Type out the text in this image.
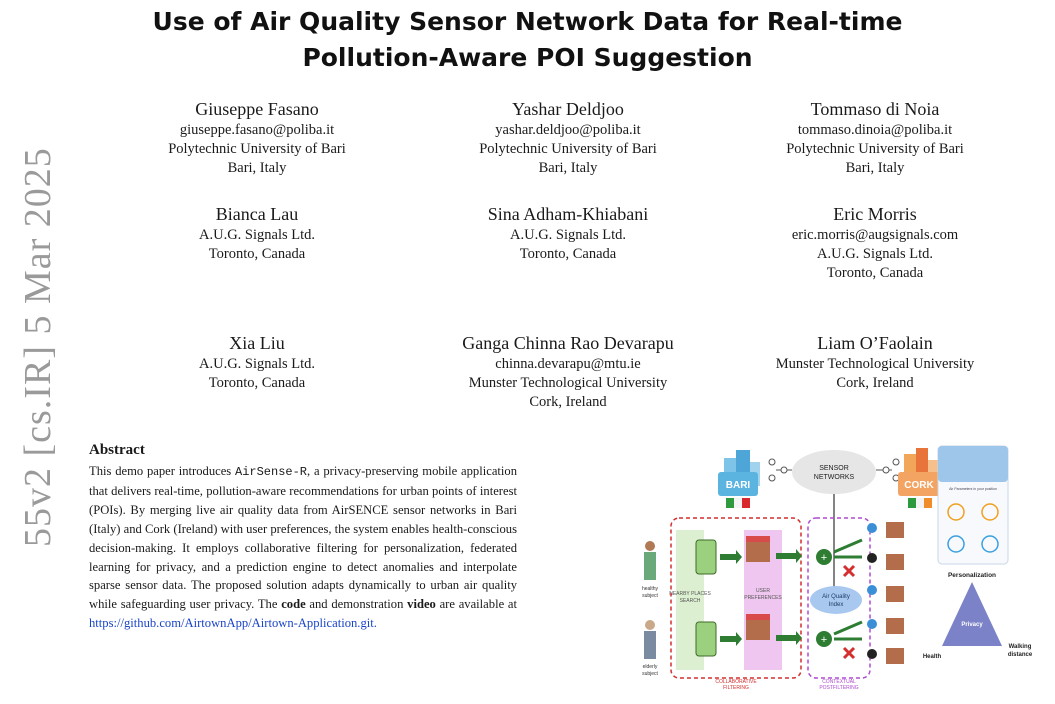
55v2 [cs.IR] 5 Mar 2025
Use of Air Quality Sensor Network Data for Real-time
Pollution-Aware POI Suggestion
Giuseppe Fasano
giuseppe.fasano@poliba.it
Polytechnic University of Bari
Bari, Italy
Yashar Deldjoo
yashar.deldjoo@poliba.it
Polytechnic University of Bari
Bari, Italy
Tommaso di Noia
tommaso.dinoia@poliba.it
Polytechnic University of Bari
Bari, Italy
Bianca Lau
A.U.G. Signals Ltd.
Toronto, Canada
Sina Adham-Khiabani
A.U.G. Signals Ltd.
Toronto, Canada
Eric Morris
eric.morris@augsignals.com
A.U.G. Signals Ltd.
Toronto, Canada
Xia Liu
A.U.G. Signals Ltd.
Toronto, Canada
Ganga Chinna Rao Devarapu
chinna.devarapu@mtu.ie
Munster Technological University
Cork, Ireland
Liam O’Faolain
Munster Technological University
Cork, Ireland
Abstract
This demo paper introduces AirSense-R, a privacy-preserving mobile application that delivers real-time, pollution-aware recommendations for urban points of interest (POIs). By merging live air quality data from AirSENCE sensor networks in Bari (Italy) and Cork (Ireland) with user preferences, the system enables health-conscious decision-making. It employs collaborative filtering for personalization, federated learning for privacy, and a prediction engine to detect anomalies and interpolate sparse sensor data. The proposed solution adapts dynamically to urban air quality while safeguarding user privacy. The code and demonstration video are available at https://github.com/AirtownApp/Airtown-Application.git.
BARI
SENSOR
NETWORKS
CORK
NEARBY PLACES
SEARCH
USER
PREFERENCES
healthy
subject
elderly
subject
Air Quality
Index
+
+
COLLABORATIVE
FILTERING
CONTEXTUAL
POSTFILTERING
Air Parameters in your position
Personalization
Privacy
Health
Walking
distance
